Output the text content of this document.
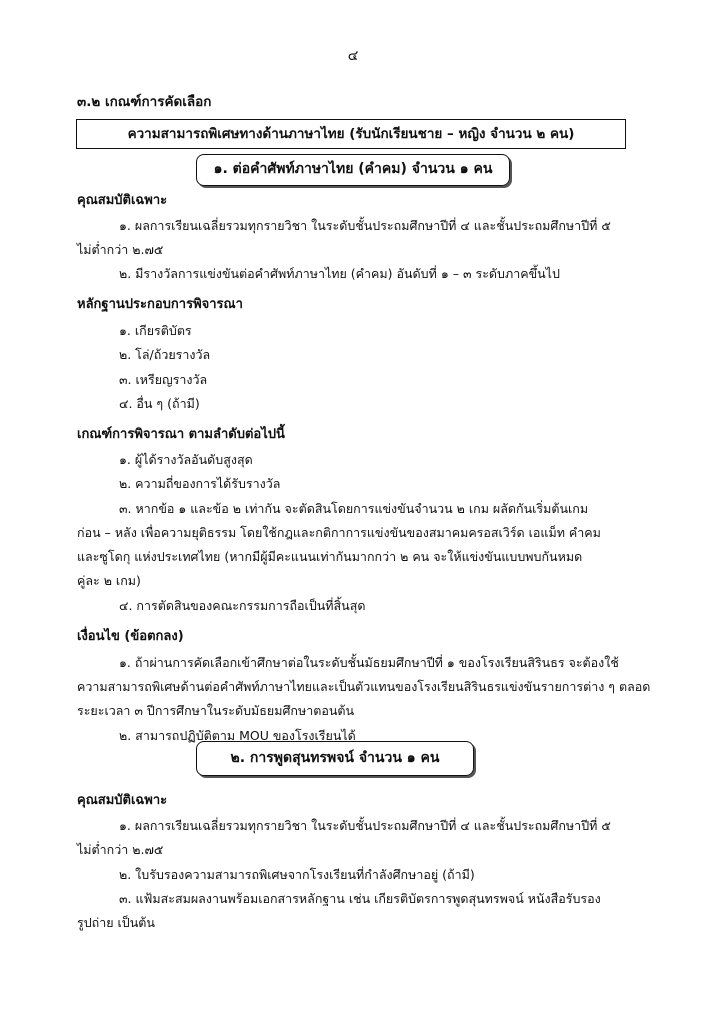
๔
๓.๒ เกณฑ์การคัดเลือก
ความสามารถพิเศษทางด้านภาษาไทย (รับนักเรียนชาย – หญิง จำนวน ๒ คน)
๑. ต่อคำศัพท์ภาษาไทย (คำคม) จำนวน ๑ คน
คุณสมบัติเฉพาะ
๑. ผลการเรียนเฉลี่ยรวมทุกรายวิชา ในระดับชั้นประถมศึกษาปีที่ ๔ และชั้นประถมศึกษาปีที่ ๕
ไม่ต่ำกว่า ๒.๗๕
๒. มีรางวัลการแข่งขันต่อคำศัพท์ภาษาไทย (คำคม) อันดับที่ ๑ – ๓ ระดับภาคขึ้นไป
หลักฐานประกอบการพิจารณา
๑. เกียรติบัตร
๒. โล่/ถ้วยรางวัล
๓. เหรียญรางวัล
๔. อื่น ๆ (ถ้ามี)
เกณฑ์การพิจารณา ตามลำดับต่อไปนี้
๑. ผู้ได้รางวัลอันดับสูงสุด
๒. ความถี่ของการได้รับรางวัล
๓. หากข้อ ๑ และข้อ ๒ เท่ากัน จะตัดสินโดยการแข่งขันจำนวน ๒ เกม ผลัดกันเริ่มต้นเกม
ก่อน – หลัง เพื่อความยุติธรรม โดยใช้กฎและกติกาการแข่งขันของสมาคมครอสเวิร์ด เอแม็ท คำคม
และซูโดกุ แห่งประเทศไทย (หากมีผู้มีคะแนนเท่ากันมากกว่า ๒ คน จะให้แข่งขันแบบพบกันหมด
คู่ละ ๒ เกม)
๔. การตัดสินของคณะกรรมการถือเป็นที่สิ้นสุด
เงื่อนไข (ข้อตกลง)
๑. ถ้าผ่านการคัดเลือกเข้าศึกษาต่อในระดับชั้นมัธยมศึกษาปีที่ ๑ ของโรงเรียนสิรินธร จะต้องใช้
ความสามารถพิเศษด้านต่อคำศัพท์ภาษาไทยและเป็นตัวแทนของโรงเรียนสิรินธรแข่งขันรายการต่าง ๆ ตลอด
ระยะเวลา ๓ ปีการศึกษาในระดับมัธยมศึกษาตอนต้น
๒. สามารถปฏิบัติตาม MOU ของโรงเรียนได้
๒. การพูดสุนทรพจน์ จำนวน ๑ คน
คุณสมบัติเฉพาะ
๑. ผลการเรียนเฉลี่ยรวมทุกรายวิชา ในระดับชั้นประถมศึกษาปีที่ ๔ และชั้นประถมศึกษาปีที่ ๕
ไม่ต่ำกว่า ๒.๗๕
๒. ใบรับรองความสามารถพิเศษจากโรงเรียนที่กำลังศึกษาอยู่ (ถ้ามี)
๓. แฟ้มสะสมผลงานพร้อมเอกสารหลักฐาน เช่น เกียรติบัตรการพูดสุนทรพจน์ หนังสือรับรอง
รูปถ่าย เป็นต้น
